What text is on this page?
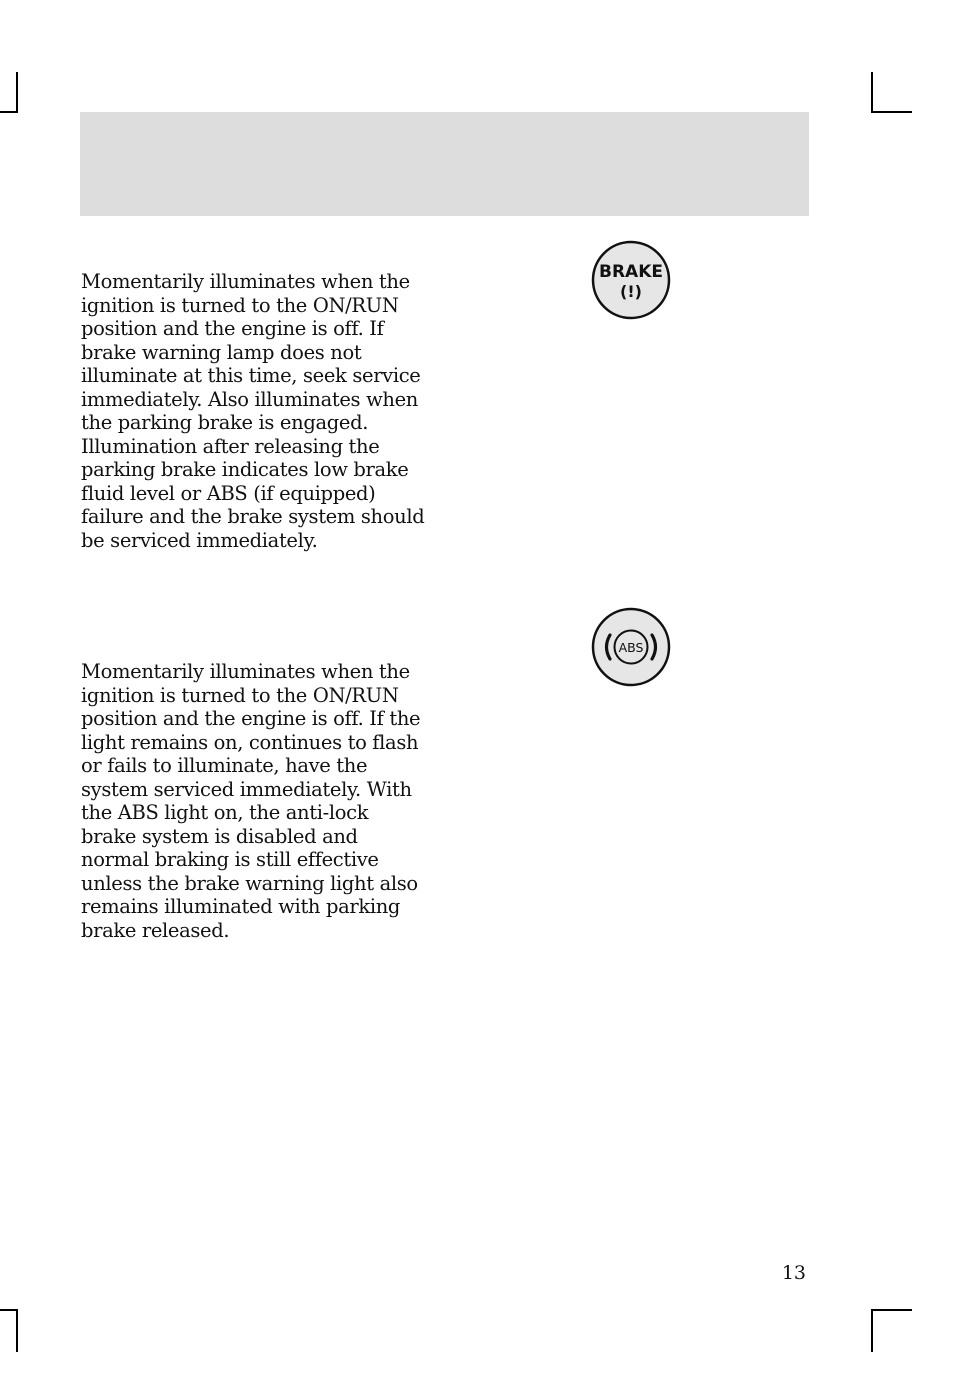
Momentarily illuminates when the
ignition is turned to the ON/RUN
position and the engine is off. If
brake warning lamp does not
illuminate at this time, seek service
immediately. Also illuminates when
the parking brake is engaged.
Illumination after releasing the
parking brake indicates low brake
fluid level or ABS (if equipped)
failure and the brake system should
be serviced immediately.

BRAKE
(!)
ABS

Momentarily illuminates when the
ignition is turned to the ON/RUN
position and the engine is off. If the
light remains on, continues to flash
or fails to illuminate, have the
system serviced immediately. With
the ABS light on, the anti-lock
brake system is disabled and
normal braking is still effective
unless the brake warning light also
remains illuminated with parking
brake released.

13
